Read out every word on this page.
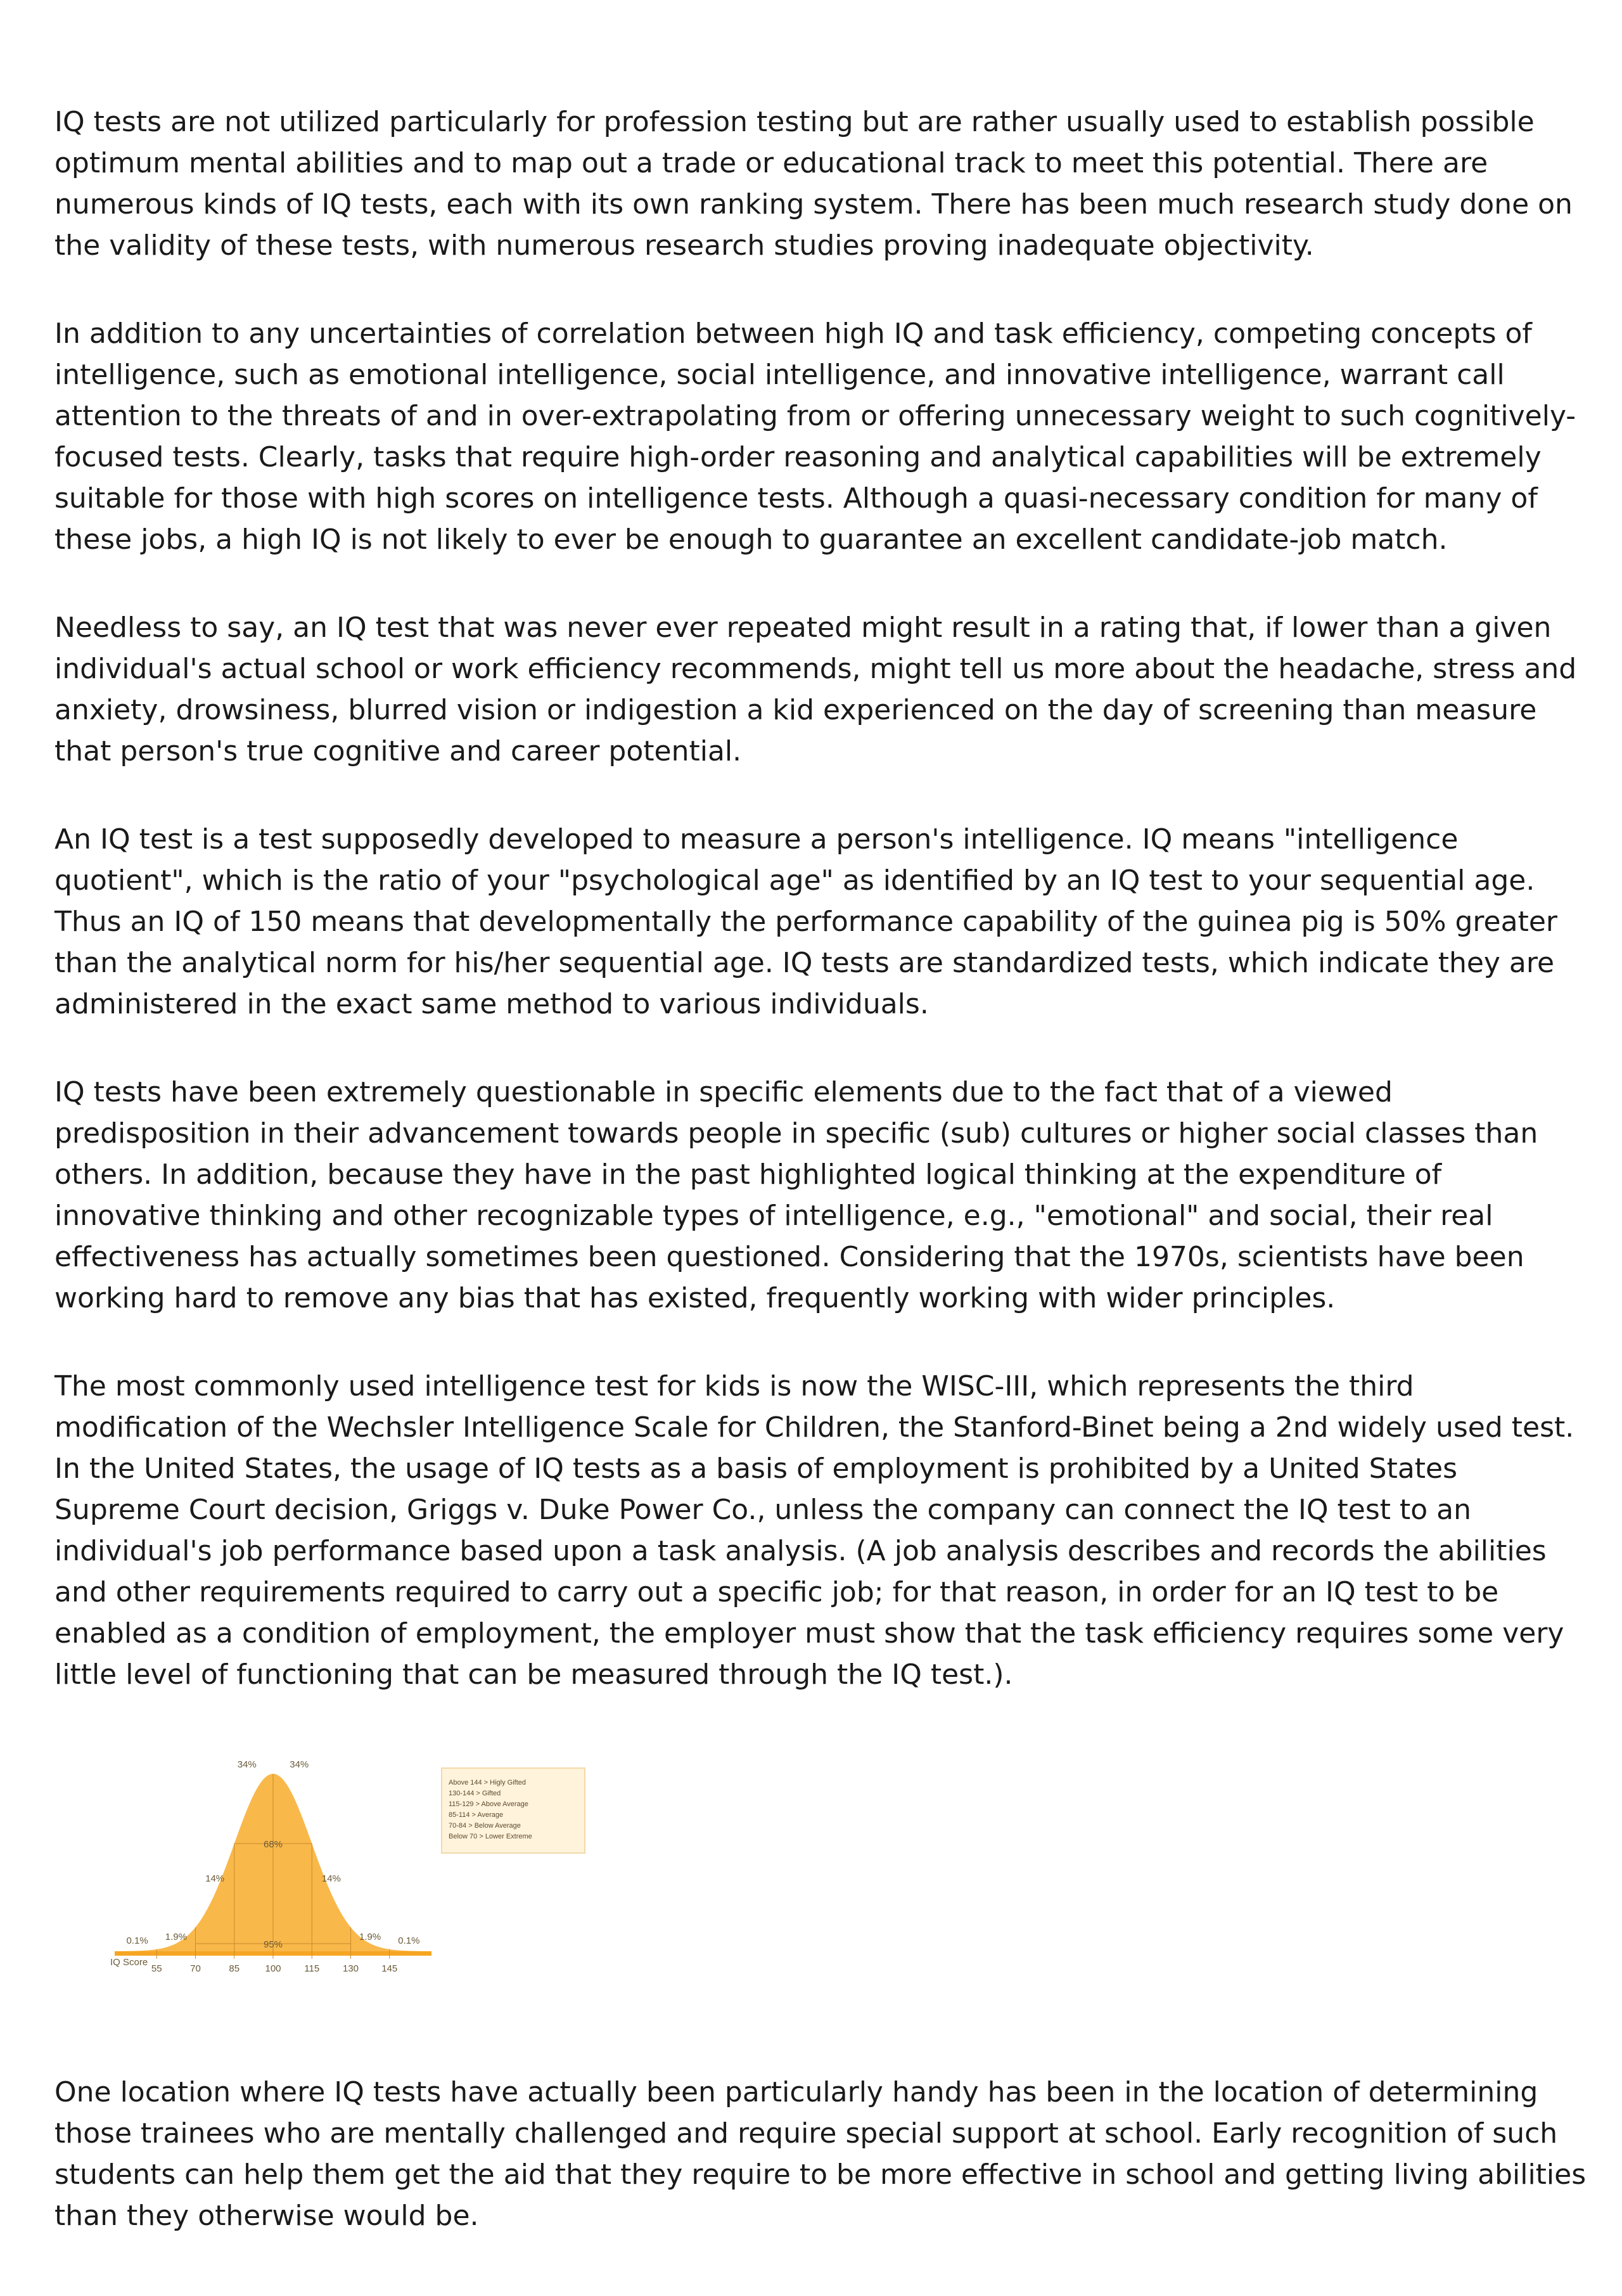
IQ tests are not utilized particularly for profession testing but are rather usually used to establish possible optimum mental abilities and to map out a trade or educational track to meet this potential. There are numerous kinds of IQ tests, each with its own ranking system. There has been much research study done on the validity of these tests, with numerous research studies proving inadequate objectivity.

In addition to any uncertainties of correlation between high IQ and task efficiency, competing concepts of intelligence, such as emotional intelligence, social intelligence, and innovative intelligence, warrant call attention to the threats of and in over-extrapolating from or offering unnecessary weight to such cognitively-focused tests. Clearly, tasks that require high-order reasoning and analytical capabilities will be extremely suitable for those with high scores on intelligence tests. Although a quasi-necessary condition for many of these jobs, a high IQ is not likely to ever be enough to guarantee an excellent candidate-job match.

Needless to say, an IQ test that was never ever repeated might result in a rating that, if lower than a given individual's actual school or work efficiency recommends, might tell us more about the headache, stress and anxiety, drowsiness, blurred vision or indigestion a kid experienced on the day of screening than measure that person's true cognitive and career potential.

An IQ test is a test supposedly developed to measure a person's intelligence. IQ means "intelligence quotient", which is the ratio of your "psychological age" as identified by an IQ test to your sequential age. Thus an IQ of 150 means that developmentally the performance capability of the guinea pig is 50% greater than the analytical norm for his/her sequential age. IQ tests are standardized tests, which indicate they are administered in the exact same method to various individuals.

IQ tests have been extremely questionable in specific elements due to the fact that of a viewed predisposition in their advancement towards people in specific (sub) cultures or higher social classes than others. In addition, because they have in the past highlighted logical thinking at the expenditure of innovative thinking and other recognizable types of intelligence, e.g., "emotional" and social, their real effectiveness has actually sometimes been questioned. Considering that the 1970s, scientists have been working hard to remove any bias that has existed, frequently working with wider principles.

The most commonly used intelligence test for kids is now the WISC-III, which represents the third modification of the Wechsler Intelligence Scale for Children, the Stanford-Binet being a 2nd widely used test. In the United States, the usage of IQ tests as a basis of employment is prohibited by a United States Supreme Court decision, Griggs v. Duke Power Co., unless the company can connect the IQ test to an individual's job performance based upon a task analysis. (A job analysis describes and records the abilities and other requirements required to carry out a specific job; for that reason, in order for an IQ test to be enabled as a condition of employment, the employer must show that the task efficiency requires some very little level of functioning that can be measured through the IQ test.).

68%
95%
0.1% 1.9%
14%
34%	34%
14%
1.9% 0.1%
55	70	85	100 115 130 145
IQ Score
Above 144 > Higly Gifted
130-144 > Gifted
115-129 > Above Average
85-114 > Average
70-84 > Below Average
Below 70 > Lower Extreme

One location where IQ tests have actually been particularly handy has been in the location of determining those trainees who are mentally challenged and require special support at school. Early recognition of such students can help them get the aid that they require to be more effective in school and getting living abilities than they otherwise would be.
